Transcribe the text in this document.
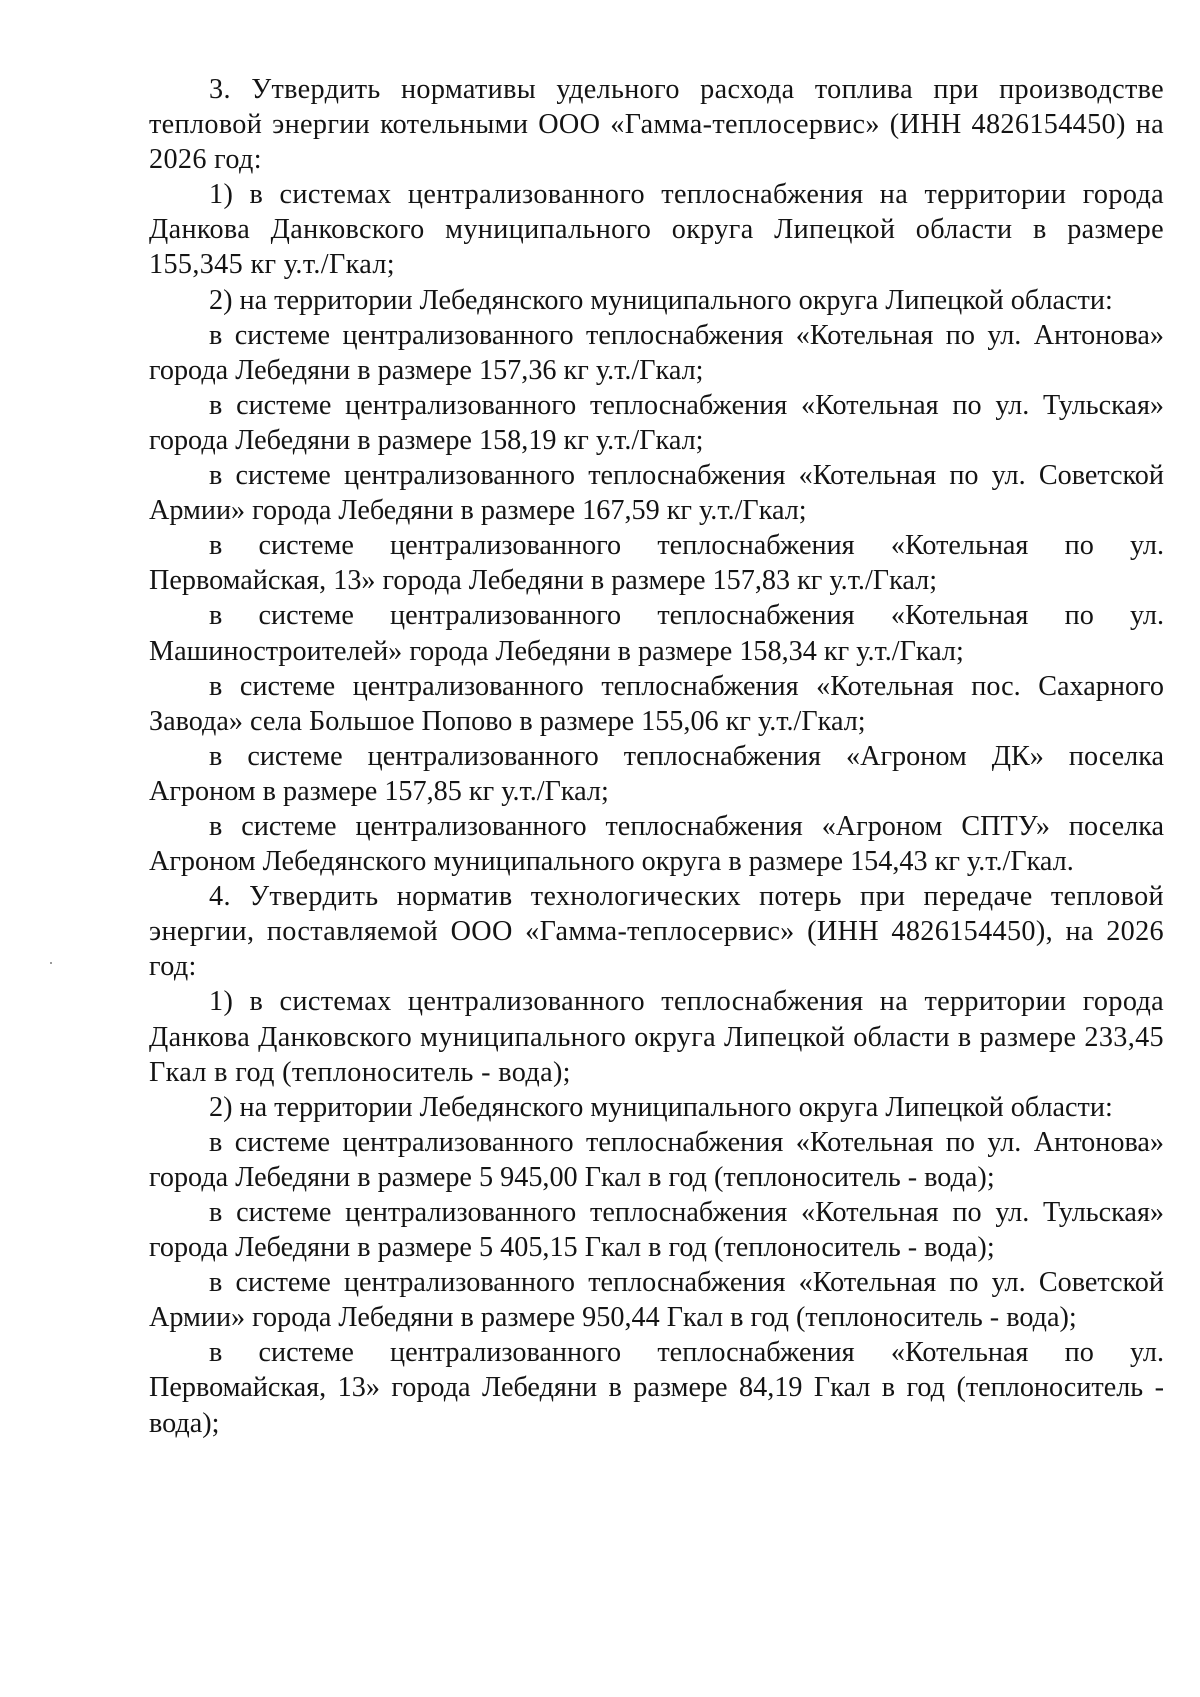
3. Утвердить нормативы удельного расхода топлива при производстве тепловой энергии котельными ООО «Гамма-теплосервис» (ИНН 4826154450) на 2026 год:

1) в системах централизованного теплоснабжения на территории города Данкова Данковского муниципального округа Липецкой области в размере 155,345 кг у.т./Гкал;

2) на территории Лебедянского муниципального округа Липецкой области:

в системе централизованного теплоснабжения «Котельная по ул. Антонова» города Лебедяни в размере 157,36 кг у.т./Гкал;

в системе централизованного теплоснабжения «Котельная по ул. Тульская» города Лебедяни в размере 158,19 кг у.т./Гкал;

в системе централизованного теплоснабжения «Котельная по ул. Советской Армии» города Лебедяни в размере 167,59 кг у.т./Гкал;

в системе централизованного теплоснабжения «Котельная по ул. Первомайская, 13» города Лебедяни в размере 157,83 кг у.т./Гкал;

в системе централизованного теплоснабжения «Котельная по ул. Машиностроителей» города Лебедяни в размере 158,34 кг у.т./Гкал;

в системе централизованного теплоснабжения «Котельная пос. Сахарного Завода» села Большое Попово в размере 155,06 кг у.т./Гкал;

в системе централизованного теплоснабжения «Агроном ДК» поселка Агроном в размере 157,85 кг у.т./Гкал;

в системе централизованного теплоснабжения «Агроном СПТУ» поселка Агроном Лебедянского муниципального округа в размере 154,43 кг у.т./Гкал.

4. Утвердить норматив технологических потерь при передаче тепловой энергии, поставляемой ООО «Гамма-теплосервис» (ИНН 4826154450), на 2026 год:

1) в системах централизованного теплоснабжения на территории города Данкова Данковского муниципального округа Липецкой области в размере 233,45 Гкал в год (теплоноситель - вода);

2) на территории Лебедянского муниципального округа Липецкой области:

в системе централизованного теплоснабжения «Котельная по ул. Антонова» города Лебедяни в размере 5 945,00 Гкал в год (теплоноситель - вода);

в системе централизованного теплоснабжения «Котельная по ул. Тульская» города Лебедяни в размере 5 405,15 Гкал в год (теплоноситель - вода);

в системе централизованного теплоснабжения «Котельная по ул. Советской Армии» города Лебедяни в размере 950,44 Гкал в год (теплоноситель - вода);

в системе централизованного теплоснабжения «Котельная по ул. Первомайская, 13» города Лебедяни в размере 84,19 Гкал в год (теплоноситель - вода);
